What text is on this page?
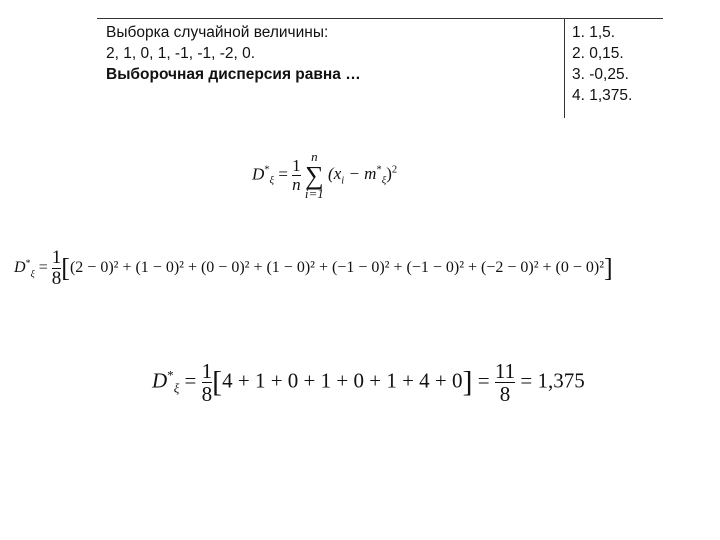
Выборка случайной величины:
2, 1, 0, 1, -1, -1, -2, 0.
Выборочная дисперсия равна …
1. 1,5.
2. 0,15.
3. -0,25.
4. 1,375.
$D^*_\xi = \frac{1}{n}$

n
∑
i=1
$(x_i - m^*_\xi)^2$
$D^*_\xi = \frac{1}{8} [(2 - 0)^2 + (1 - 0)^2 + (0 - 0)^2 + (1 - 0)^2 + (-1 - 0)^2 + (-1 - 0)^2 + (-2 - 0)^2 + (0 - 0)^2]$
$D^*_\xi = \frac{1}{8} [4 + 1 + 0 + 1 + 0 + 1 + 4 + 0] = \frac{11}{8} = 1,375$
